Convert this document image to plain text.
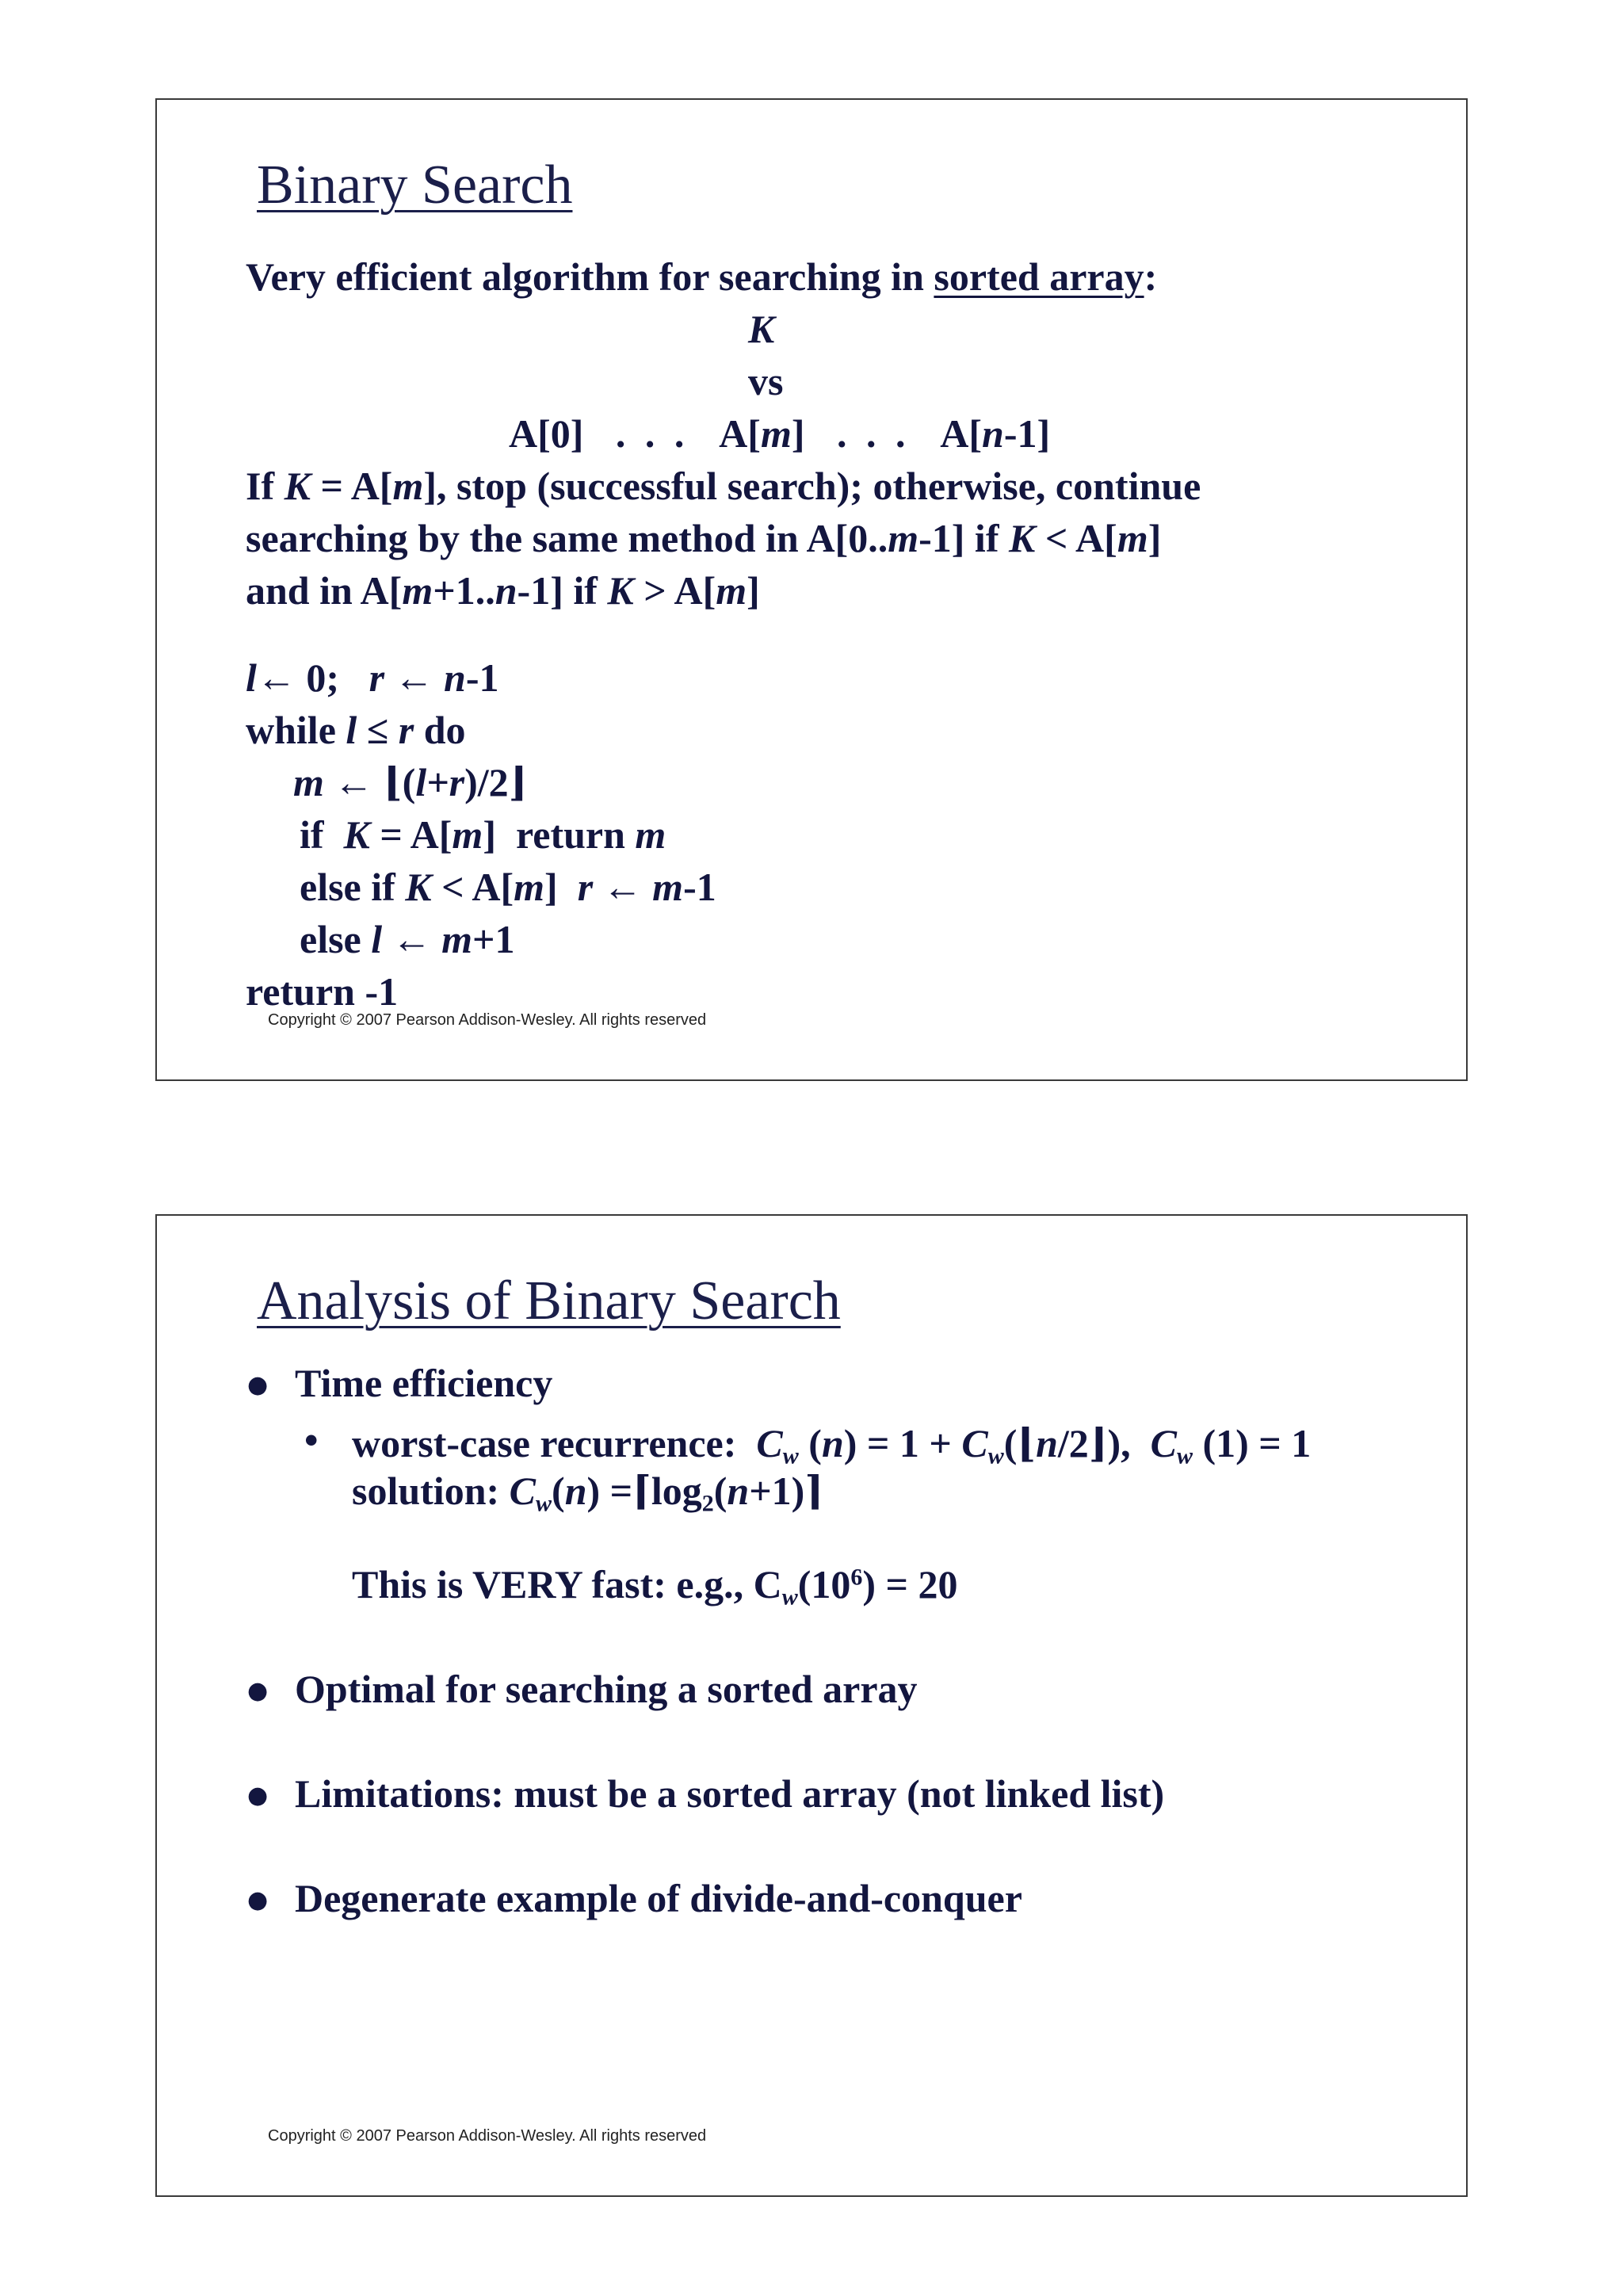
Binary Search
Very efficient algorithm for searching in sorted array:
K
vs
A[0] . . . A[m] . . . A[n-1]
If K = A[m], stop (successful search); otherwise, continue
searching by the same method in A[0..m-1] if K < A[m]
and in A[m+1..n-1] if K > A[m]
l← 0;   r ← n-1
while l ≤ r do
m ← ⌊(l+r)/2⌋
if  K = A[m]  return m
else if K < A[m]  r ← m-1
else l ← m+1
return -1
Copyright © 2007 Pearson Addison-Wesley. All rights reserved
Analysis of Binary Search
● Time efficiency
• worst-case recurrence:  $C_w$ $(n) = 1 + C_w(⌊n/2⌋)$,  $C_w$ (1) = 1
solution: $C_w(n)$ $=⌈\log_2(n+1)⌉$
This is VERY fast: e.g., $C_w(10^6) = 20$
● Optimal for searching a sorted array
● Limitations: must be a sorted array (not linked list)
● Degenerate example of divide-and-conquer
Copyright © 2007 Pearson Addison-Wesley. All rights reserved
